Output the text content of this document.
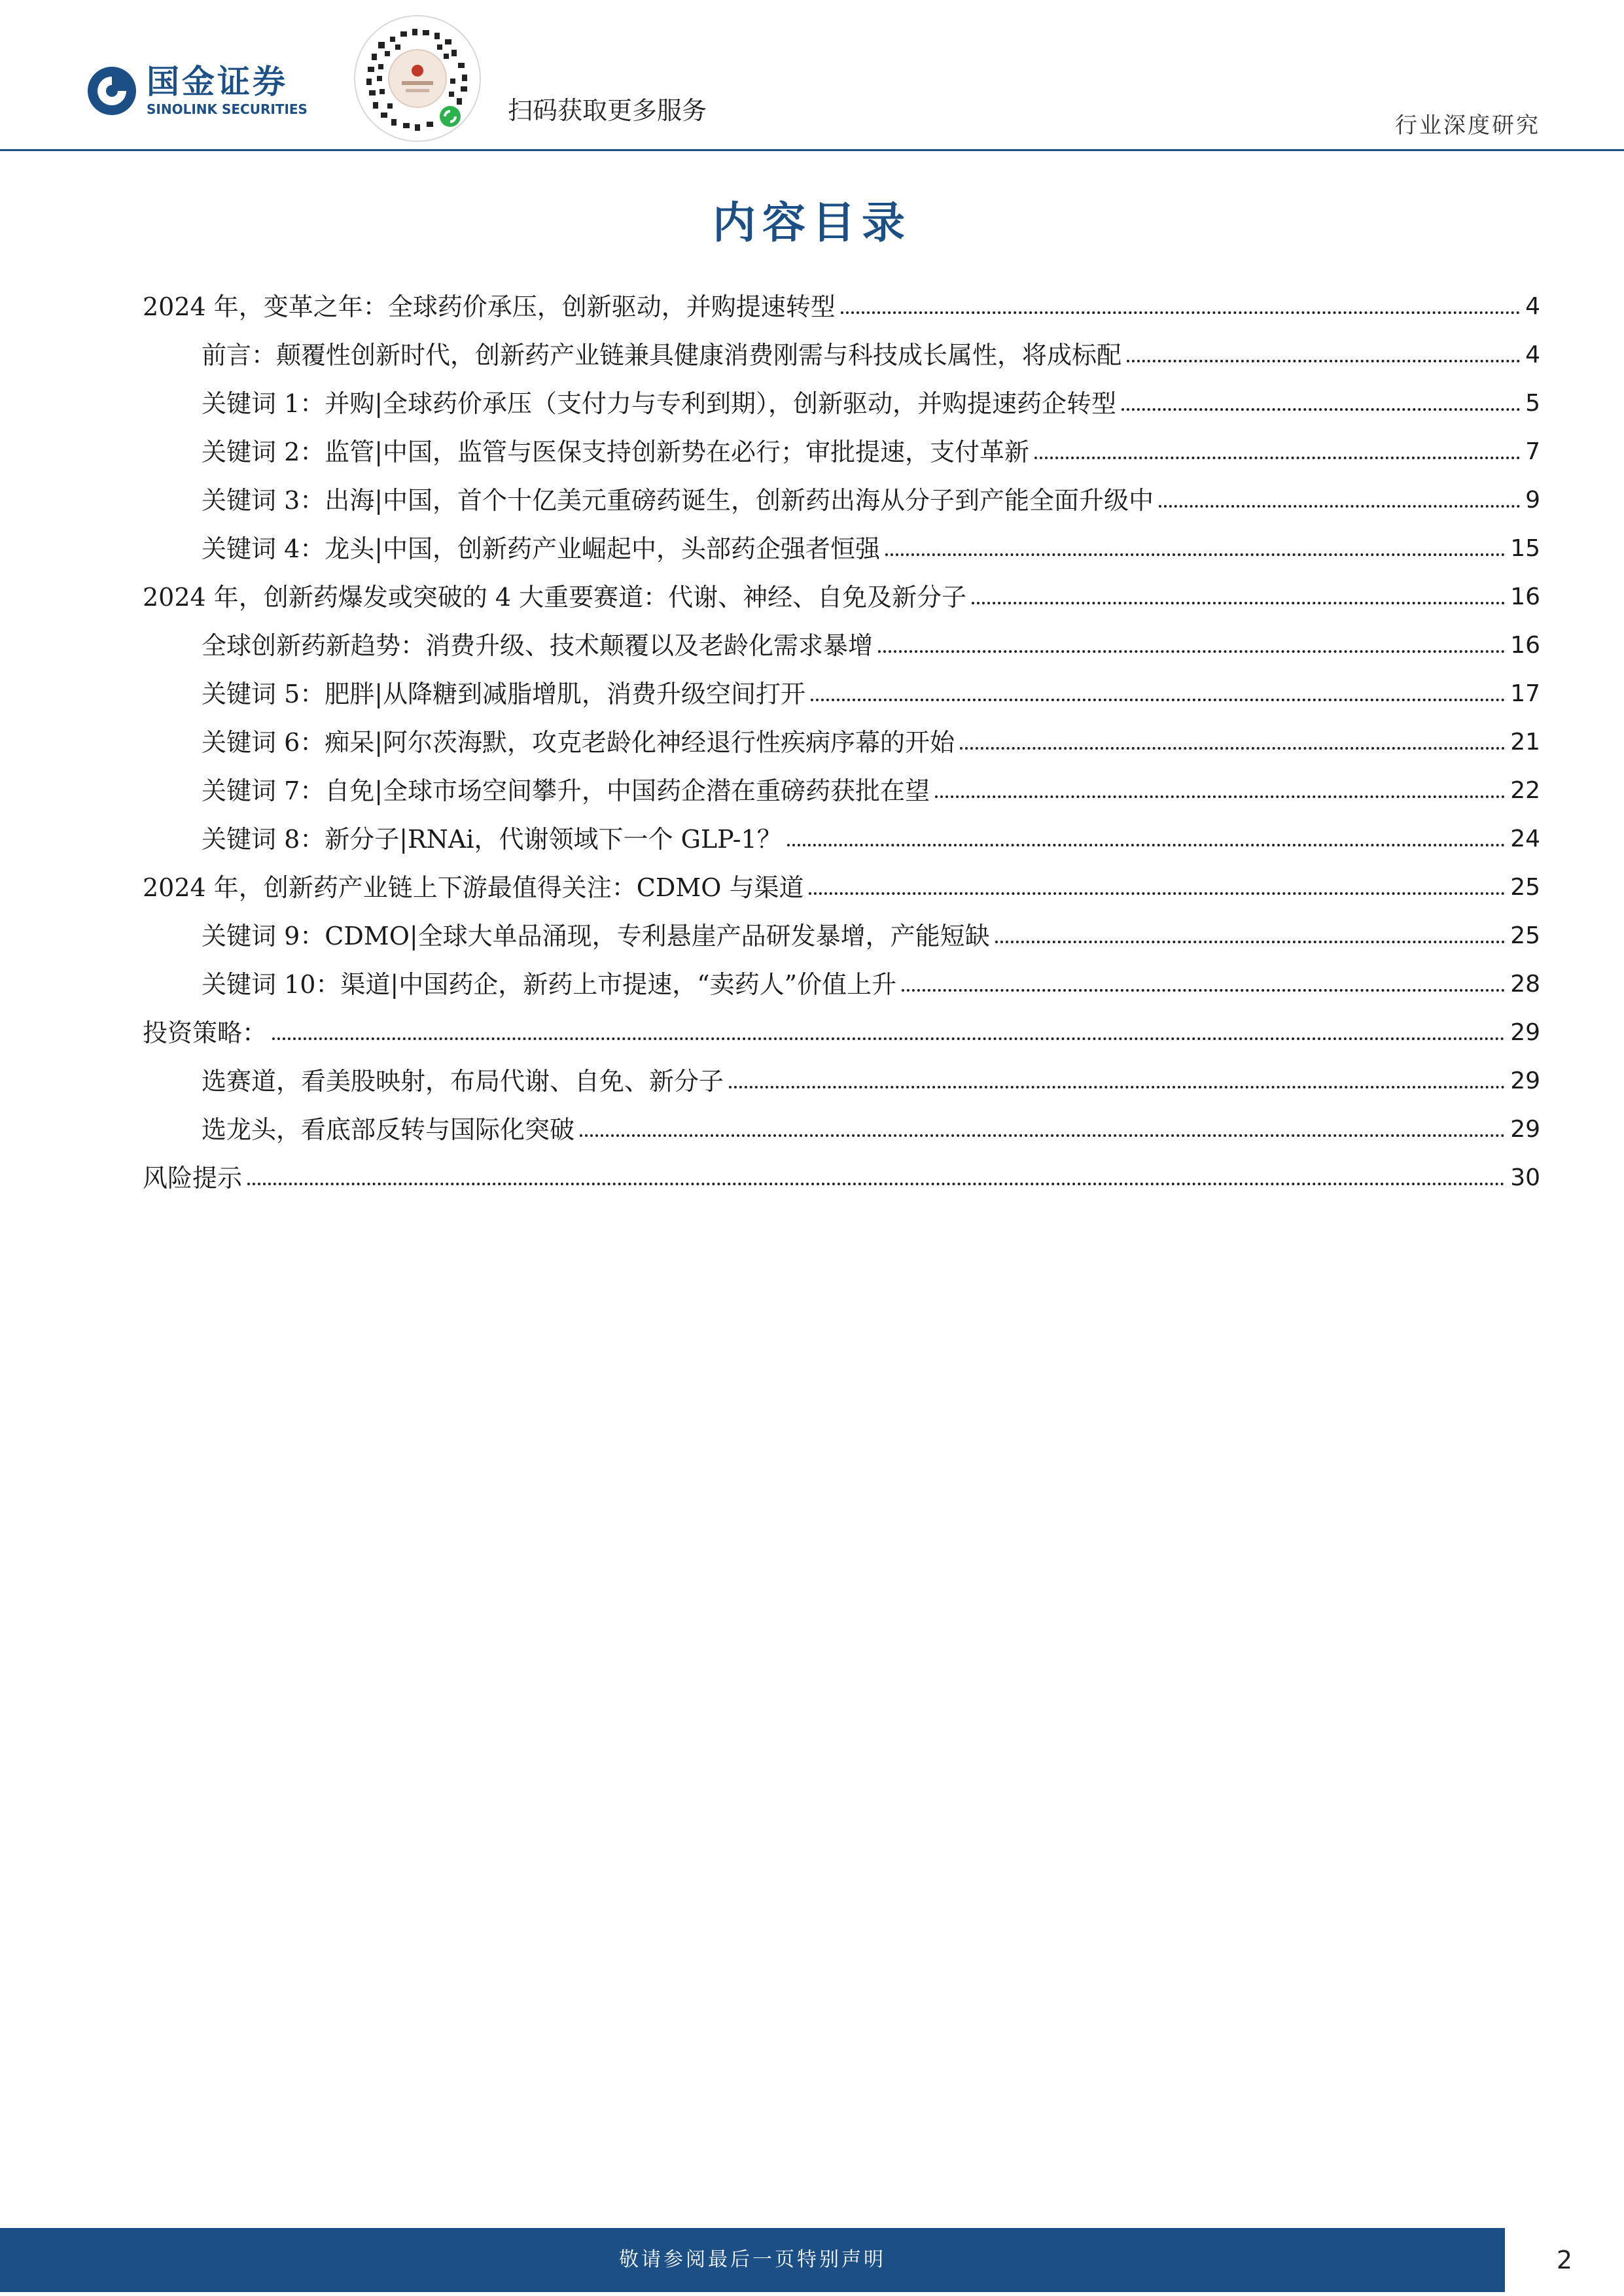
国金证券
SINOLINK SECURITIES	扫码获取更多服务
行业深度研究
内容目录
2024 年，变革之年：全球药价承压，创新驱动，并购提速转型	4
前言：颠覆性创新时代，创新药产业链兼具健康消费刚需与科技成长属性，将成标配	4
关键词 1：并购|全球药价承压（支付力与专利到期），创新驱动，并购提速药企转型	5
关键词 2：监管|中国，监管与医保支持创新势在必行；审批提速，支付革新	7
关键词 3：出海|中国，首个十亿美元重磅药诞生，创新药出海从分子到产能全面升级中	9
关键词 4：龙头|中国，创新药产业崛起中，头部药企强者恒强	15
2024 年，创新药爆发或突破的 4 大重要赛道：代谢、神经、自免及新分子	16
全球创新药新趋势：消费升级、技术颠覆以及老龄化需求暴增	16
关键词 5：肥胖|从降糖到减脂增肌，消费升级空间打开	17
关键词 6：痴呆|阿尔茨海默，攻克老龄化神经退行性疾病序幕的开始	21
关键词 7：自免|全球市场空间攀升，中国药企潜在重磅药获批在望	22
关键词 8：新分子|RNAi，代谢领域下一个 GLP-1？	24
2024 年，创新药产业链上下游最值得关注：CDMO 与渠道	25
关键词 9：CDMO|全球大单品涌现，专利悬崖产品研发暴增，产能短缺	25
关键词 10：渠道|中国药企，新药上市提速，“卖药人”价值上升	28
投资策略：	29
选赛道，看美股映射，布局代谢、自免、新分子	29
选龙头，看底部反转与国际化突破	29
风险提示	30
敬请参阅最后一页特别声明	2
